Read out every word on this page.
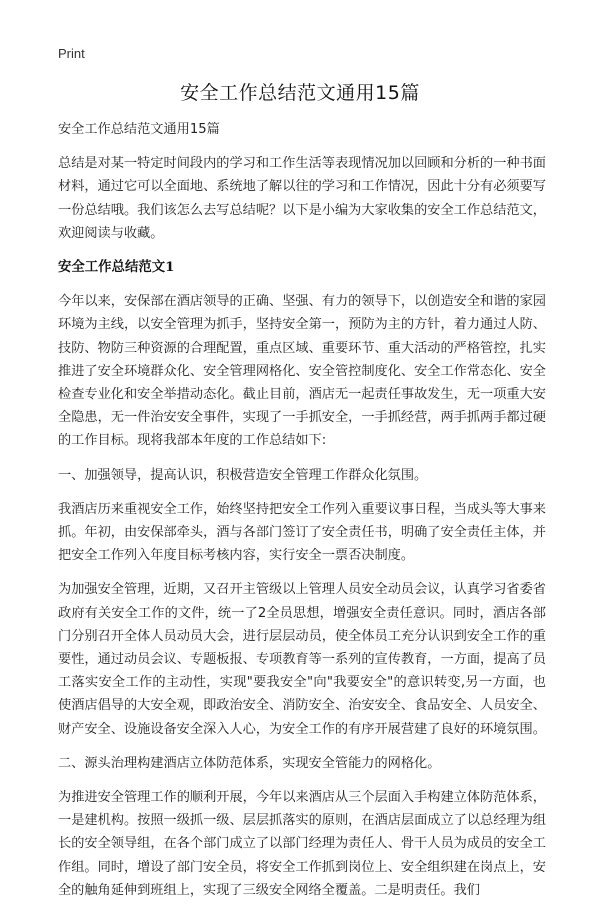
Print
安全工作总结范文通用15篇

安全工作总结范文通用15篇

总结是对某一特定时间段内的学习和工作生活等表现情况加以回顾和分析的一种书面材料，通过它可以全面地、系统地了解以往的学习和工作情况，因此十分有必须要写一份总结哦。我们该怎么去写总结呢？以下是小编为大家收集的安全工作总结范文，欢迎阅读与收藏。

安全工作总结范文1

今年以来，安保部在酒店领导的正确、坚强、有力的领导下，以创造安全和谐的家园环境为主线，以安全管理为抓手，坚持安全第一，预防为主的方针，着力通过人防、技防、物防三种资源的合理配置，重点区域、重要环节、重大活动的严格管控，扎实推进了安全环境群众化、安全管理网格化、安全管控制度化、安全工作常态化、安全检查专业化和安全举措动态化。截止目前，酒店无一起责任事故发生，无一项重大安全隐患，无一件治安安全事件，实现了一手抓安全，一手抓经营，两手抓两手都过硬的工作目标。现将我部本年度的工作总结如下:

一、加强领导，提高认识，积极营造安全管理工作群众化氛围。

我酒店历来重视安全工作，始终坚持把安全工作列入重要议事日程，当成头等大事来抓。年初，由安保部牵头，酒与各部门签订了安全责任书，明确了安全责任主体，并把安全工作列入年度目标考核内容，实行安全一票否决制度。

为加强安全管理，近期，又召开主管级以上管理人员安全动员会议，认真学习省委省政府有关安全工作的文件，统一了2全员思想，增强安全责任意识。同时，酒店各部门分别召开全体人员动员大会，进行层层动员，使全体员工充分认识到安全工作的重要性，通过动员会议、专题板报、专项教育等一系列的宣传教育，一方面，提高了员工落实安全工作的主动性，实现"要我安全"向"我要安全"的意识转变,另一方面，也使酒店倡导的大安全观，即政治安全、消防安全、治安安全、食品安全、人员安全、财产安全、设施设备安全深入人心，为安全工作的有序开展营建了良好的环境氛围。

二、源头治理构建酒店立体防范体系，实现安全管能力的网格化。

为推进安全管理工作的顺利开展，今年以来酒店从三个层面入手构建立体防范体系，一是建机构。按照一级抓一级、层层抓落实的原则，在酒店层面成立了以总经理为组长的安全领导组，在各个部门成立了以部门经理为责任人、骨干人员为成员的安全工作组。同时，增设了部门安全员，将安全工作抓到岗位上、安全组织建在岗点上，安全的触角延伸到班组上，实现了三级安全网络全覆盖。二是明责任。我们
